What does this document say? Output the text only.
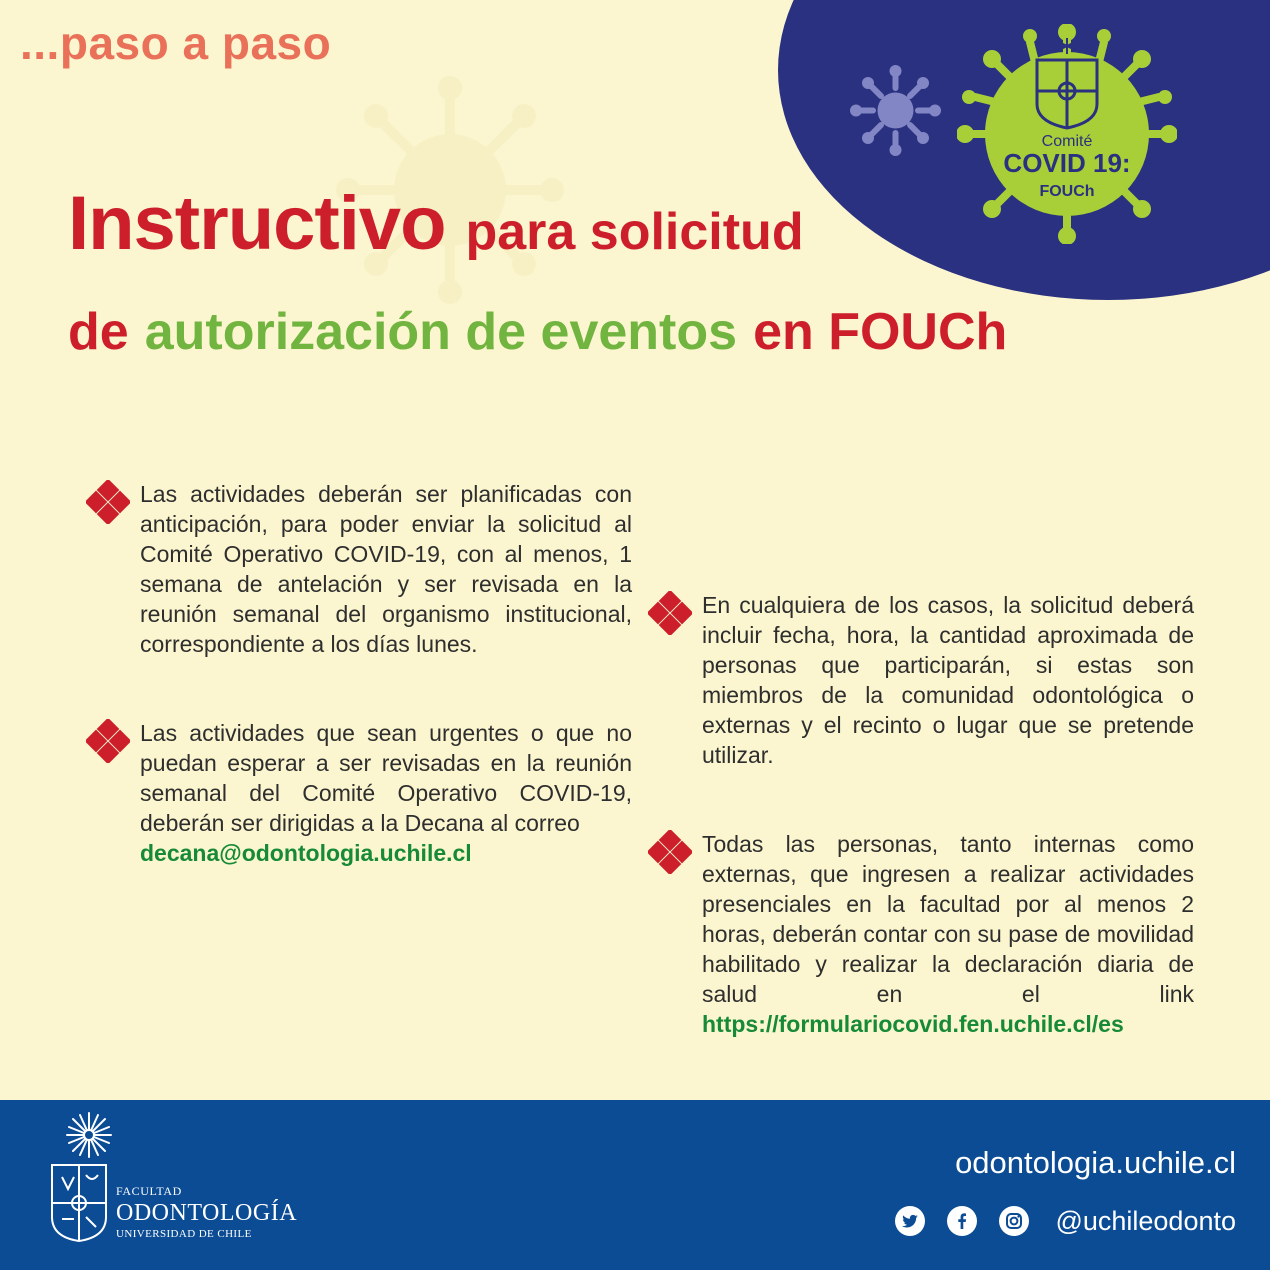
...paso a paso
Comité
COVID 19:
FOUCh
Instructivo para solicitud
de autorización de eventos en FOUCh
Las actividades deberán ser planificadas con anticipación, para poder enviar la solicitud al Comité Operativo COVID-19, con al menos, 1 semana de antelación y ser revisada en la reunión semanal del organismo institucional, correspondiente a los días lunes.
Las actividades que sean urgentes o que no puedan esperar a ser revisadas en la reunión semanal del Comité Operativo COVID-19, deberán ser dirigidas a la Decana al correo
decana@odontologia.uchile.cl
En cualquiera de los casos, la solicitud deberá incluir fecha, hora, la cantidad aproximada de personas que participarán, si estas son miembros de la comunidad odontológica o externas y el recinto o lugar que se pretende utilizar.
Todas las personas, tanto internas como externas, que ingresen a realizar actividades presenciales en la facultad por al menos 2 horas, deberán contar con su pase de movilidad habilitado y realizar la declaración diaria de salud en el link https://formulariocovid.fen.uchile.cl/es
FACULTAD
ODONTOLOGÍA
UNIVERSIDAD DE CHILE
odontologia.uchile.cl
@uchileodonto
